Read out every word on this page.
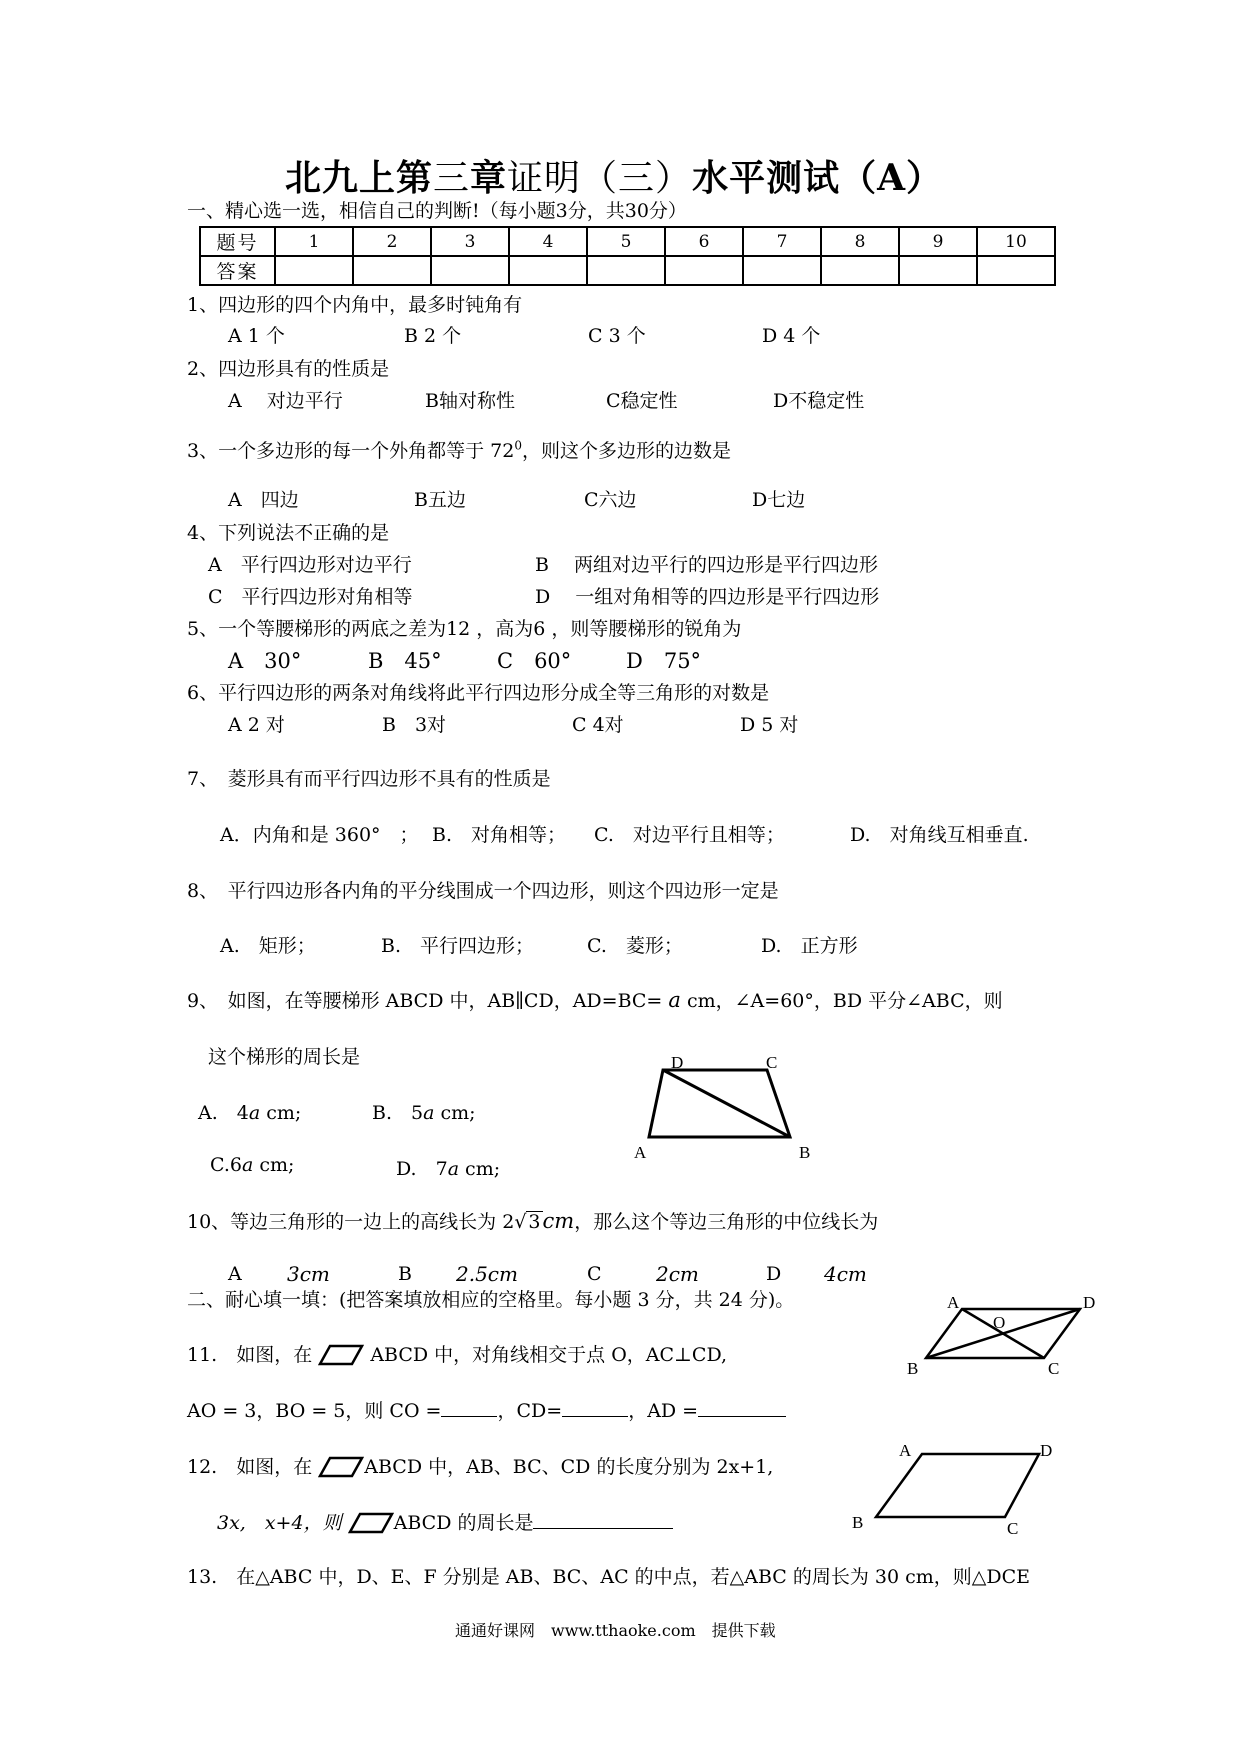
北九上第三章证明（三）水平测试（A）
一、精心选一选，相信自己的判断!（每小题3分，共30分）
题号	1	2	3	4	5	6	7	8	9	10
答案										
1、四边形的四个内角中，最多时钝角有
A 1 个	B 2 个	C 3 个	D 4 个
2、四边形具有的性质是
A　 对边平行	B轴对称性	C稳定性	D不稳定性
3、一个多边形的每一个外角都等于 $72^0$，则这个多边形的边数是
A　四边	B五边	C六边	D七边
4、下列说法不正确的是
A　平行四边形对边平行	B　 两组对边平行的四边形是平行四边形
C　平行四边形对角相等	D　 一组对角相等的四边形是平行四边形
5、一个等腰梯形的两底之差为12 ，高为6 ，则等腰梯形的锐角为
A　30°	B　45°	C　60°	D　75°
6、平行四边形的两条对角线将此平行四边形分成全等三角形的对数是
A 2 对	B　3对	C 4对	D 5 对
7、　菱形具有而平行四边形不具有的性质是
A．内角和是 360°　； B.　对角相等； C.　对边平行且相等；	D.　对角线互相垂直.
8、　平行四边形各内角的平分线围成一个四边形，则这个四边形一定是
A.　矩形；	B.　平行四边形；	C.　菱形；	D.　正方形
9、　如图，在等腰梯形 ABCD 中，AB∥CD，AD=BC= a cm，∠A=60°，BD 平分∠ABC，则
这个梯形的周长是
A.　4a cm;	B.　5a cm;
C.6a cm;	D.　7a cm;
D	C
A	B
10、等边三角形的一边上的高线长为 2√ 3cm，那么这个等边三角形的中位线长为
A 3cm	B 2.5cm	C	2cm	D 4cm
二、耐心填一填：(把答案填放相应的空格里。每小题 3 分，共 24 分)。
11.　如图，在	ABCD 中，对角线相交于点 O，AC⊥CD,
AO = 3，BO = 5，则 CO =	，CD=	，AD =
A	D
O
B	C
12.　如图，在	ABCD 中，AB、BC、CD 的长度分别为 2x+1,
3x,　x+4，则	ABCD 的周长是
A	D
B	C
13.　在△ABC 中，D、E、F 分别是 AB、BC、AC 的中点，若△ABC 的周长为 30 cm，则△DCE
通通好课网　www.tthaoke.com　提供下载
